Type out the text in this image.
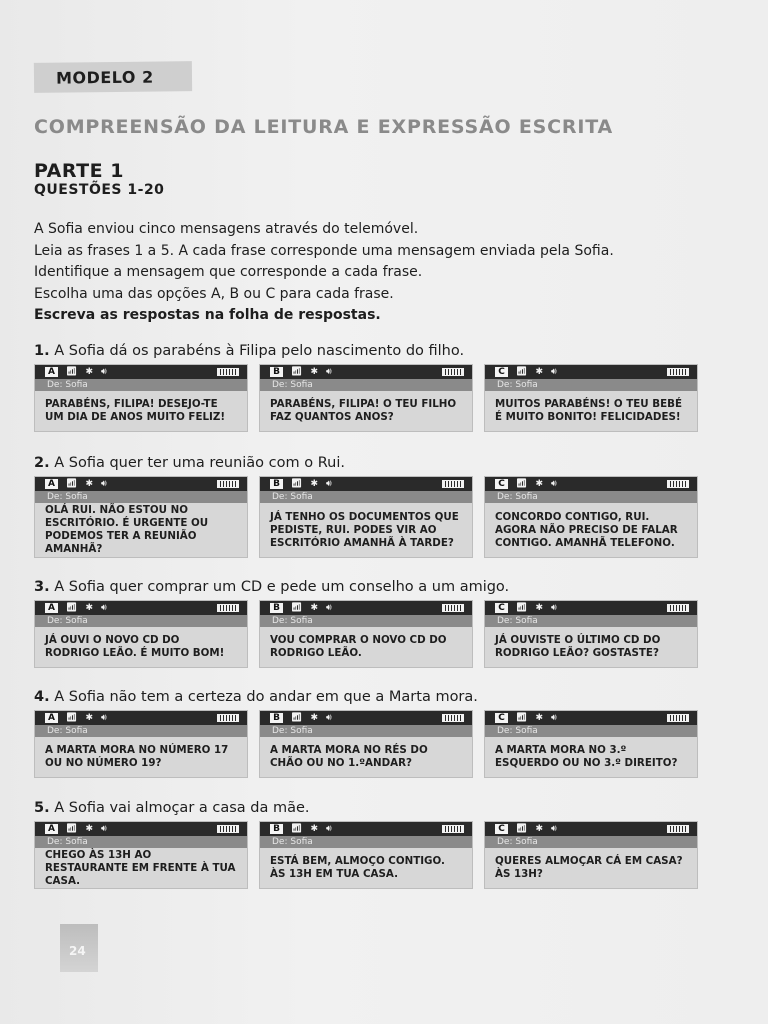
MODELO 2
COMPREENSÃO DA LEITURA E EXPRESSÃO ESCRITA
PARTE 1
QUESTÕES 1-20
A Sofia enviou cinco mensagens através do telemóvel.
Leia as frases 1 a 5. A cada frase corresponde uma mensagem enviada pela Sofia.
Identifique a mensagem que corresponde a cada frase.
Escolha uma das opções A, B ou C para cada frase.
Escreva as respostas na folha de respostas.
1. A Sofia dá os parabéns à Filipa pelo nascimento do filho.
A	📶︎ ✱ 🔊︎
De: Sofia
PARABÉNS, FILIPA! DESEJO-TE UM DIA DE ANOS MUITO FELIZ!
B	📶︎ ✱ 🔊︎
De: Sofia
PARABÉNS, FILIPA! O TEU FILHO FAZ QUANTOS ANOS?
C	📶︎ ✱ 🔊︎
De: Sofia
MUITOS PARABÉNS! O TEU BEBÉ É MUITO BONITO! FELICIDADES!
2. A Sofia quer ter uma reunião com o Rui.
A	📶︎ ✱ 🔊︎
De: Sofia
OLÁ RUI. NÃO ESTOU NO ESCRITÓRIO. É URGENTE OU PODEMOS TER A REUNIÃO AMANHÃ?
B	📶︎ ✱ 🔊︎
De: Sofia
JÁ TENHO OS DOCUMENTOS QUE PEDISTE, RUI. PODES VIR AO ESCRITÓRIO AMANHÃ À TARDE?
C	📶︎ ✱ 🔊︎
De: Sofia
CONCORDO CONTIGO, RUI. AGORA NÃO PRECISO DE FALAR CONTIGO. AMANHÃ TELEFONO.
3. A Sofia quer comprar um CD e pede um conselho a um amigo.
A	📶︎ ✱ 🔊︎
De: Sofia
JÁ OUVI O NOVO CD DO RODRIGO LEÃO. É MUITO BOM!
B	📶︎ ✱ 🔊︎
De: Sofia
VOU COMPRAR O NOVO CD DO RODRIGO LEÃO.
C	📶︎ ✱ 🔊︎
De: Sofia
JÁ OUVISTE O ÚLTIMO CD DO RODRIGO LEÃO? GOSTASTE?
4. A Sofia não tem a certeza do andar em que a Marta mora.
A	📶︎ ✱ 🔊︎
De: Sofia
A MARTA MORA NO NÚMERO 17 OU NO NÚMERO 19?
B	📶︎ ✱ 🔊︎
De: Sofia
A MARTA MORA NO RÉS DO CHÃO OU NO 1.ºANDAR?
C	📶︎ ✱ 🔊︎
De: Sofia
A MARTA MORA NO 3.º ESQUERDO OU NO 3.º DIREITO?
5. A Sofia vai almoçar a casa da mãe.
A	📶︎ ✱ 🔊︎
De: Sofia
CHEGO ÀS 13H AO RESTAURANTE EM FRENTE À TUA CASA.
B	📶︎ ✱ 🔊︎
De: Sofia
ESTÁ BEM, ALMOÇO CONTIGO. ÀS 13H EM TUA CASA.
C	📶︎ ✱ 🔊︎
De: Sofia
QUERES ALMOÇAR CÁ EM CASA? ÀS 13H?
24
